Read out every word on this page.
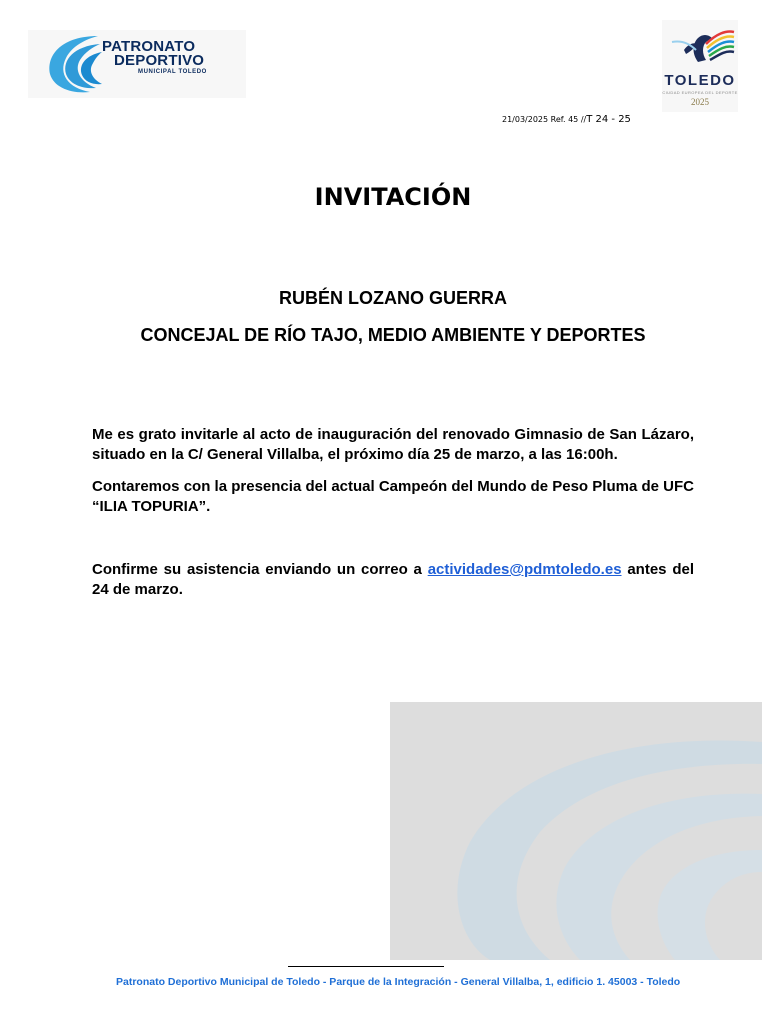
PATRONATO
DEPORTIVO
MUNICIPAL TOLEDO	TOLEDO
CIUDAD EUROPEA DEL DEPORTE
2025
21/03/2025 Ref. 45 //T 24 - 25
INVITACIÓN
RUBÉN LOZANO GUERRA
CONCEJAL DE RÍO TAJO, MEDIO AMBIENTE Y DEPORTES
Me es grato invitarle al acto de inauguración del renovado Gimnasio de San Lázaro, situado en la C/ General Villalba, el próximo día 25 de marzo, a las 16:00h.
Contaremos con la presencia del actual Campeón del Mundo de Peso Pluma de UFC “ILIA TOPURIA”.
Confirme su asistencia enviando un correo a actividades@pdmtoledo.es antes del 24 de marzo.
Patronato Deportivo Municipal de Toledo - Parque de la Integración - General Villalba, 1, edificio 1. 45003 - Toledo
